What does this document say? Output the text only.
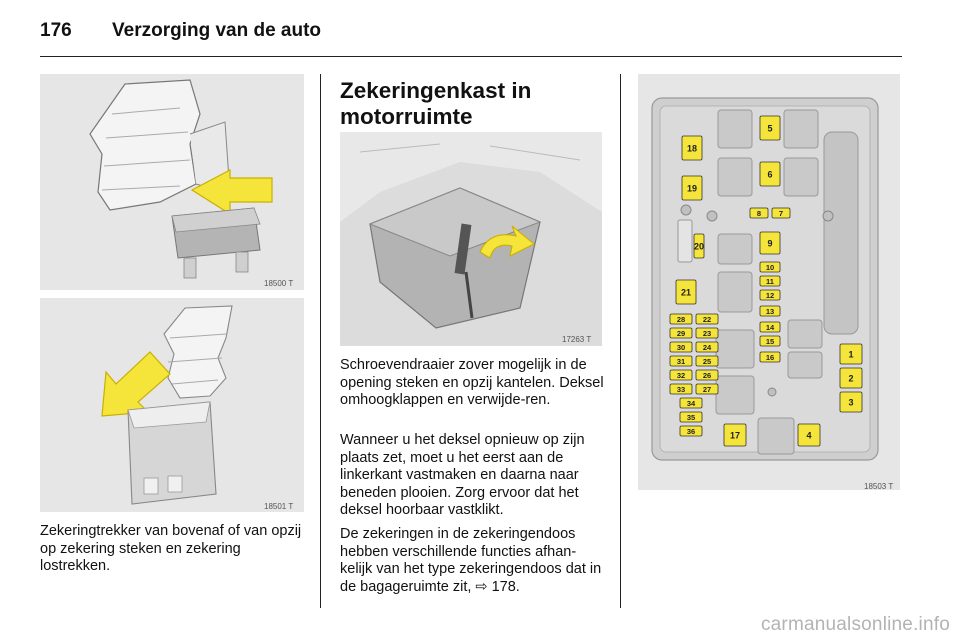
176 Verzorging van de auto
18500 T
18501 T

Zekeringtrekker van bovenaf of van opzij op zekering steken en zekering lostrekken.

Zekeringenkast in
motorruimte
17263 T

Schroevendraaier zover mogelijk in de opening steken en opzij kantelen. Deksel omhoogklappen en verwijde-ren.

Wanneer u het deksel opnieuw op zijn plaats zet, moet u het eerst aan de linkerkant vastmaken en daarna naar beneden plooien. Zorg ervoor dat het deksel hoorbaar vastklikt.

De zekeringen in de zekeringendoos hebben verschillende functies afhan-kelijk van het type zekeringendoos dat in de bagageruimte zit, ⇨ 178.

1
2
3
4
5
6
7
8
9
10
11
12
13
14
15
16
17
18
19
20
21
22
23
24
25
26
27
28
29
30
31
32
33
34
35
36
18503 T
carmanualsonline.info
